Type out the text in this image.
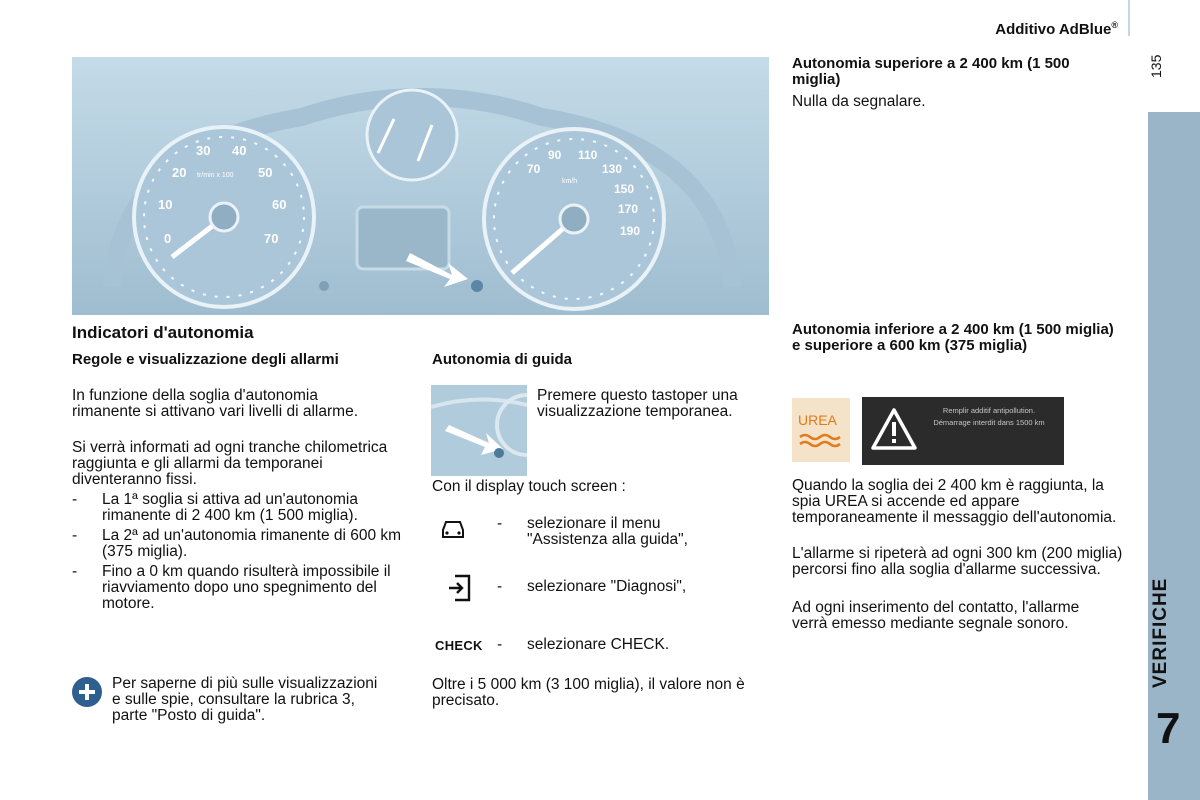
Additivo AdBlue®
135
VERIFICHE
7
30 40
20	50
10	60
0	70
tr/min x 100	70
90 110
130
150
170
190
km/h
Indicatori d'autonomia
Regole e visualizzazione degli allarmi
In funzione della soglia d'autonomia rimanente si attivano vari livelli di allarme.
Si verrà informati ad ogni tranche chilometrica raggiunta e gli allarmi da temporanei diventeranno fissi.
-	La 1ª soglia si attiva ad un'autonomia rimanente di 2 400 km (1 500 miglia).
-	La 2ª ad un'autonomia rimanente di 600 km (375 miglia).
-	Fino a 0 km quando risulterà impossibile il riavviamento dopo uno spegnimento del motore.
Per saperne di più sulle visualizzazioni e sulle spie, consultare la rubrica 3, parte "Posto di guida".
Autonomia di guida
Premere questo tastoper una visualizzazione temporanea.
Con il display touch screen :
- selezionare il menu "Assistenza alla guida",
- selezionare "Diagnosi",
CHECK - selezionare CHECK.
Oltre i 5 000 km (3 100 miglia), il valore non è precisato.
Autonomia superiore a 2 400 km (1 500 miglia)
Nulla da segnalare.
Autonomia inferiore a 2 400 km (1 500 miglia) e superiore a 600 km (375 miglia)
UREA
Remplir additif antipollution. Démarrage interdit dans 1500 km
Quando la soglia dei 2 400 km è raggiunta, la spia UREA si accende ed appare temporaneamente il messaggio dell'autonomia.
L'allarme si ripeterà ad ogni 300 km (200 miglia) percorsi fino alla soglia d'allarme successiva.
Ad ogni inserimento del contatto, l'allarme verrà emesso mediante segnale sonoro.
